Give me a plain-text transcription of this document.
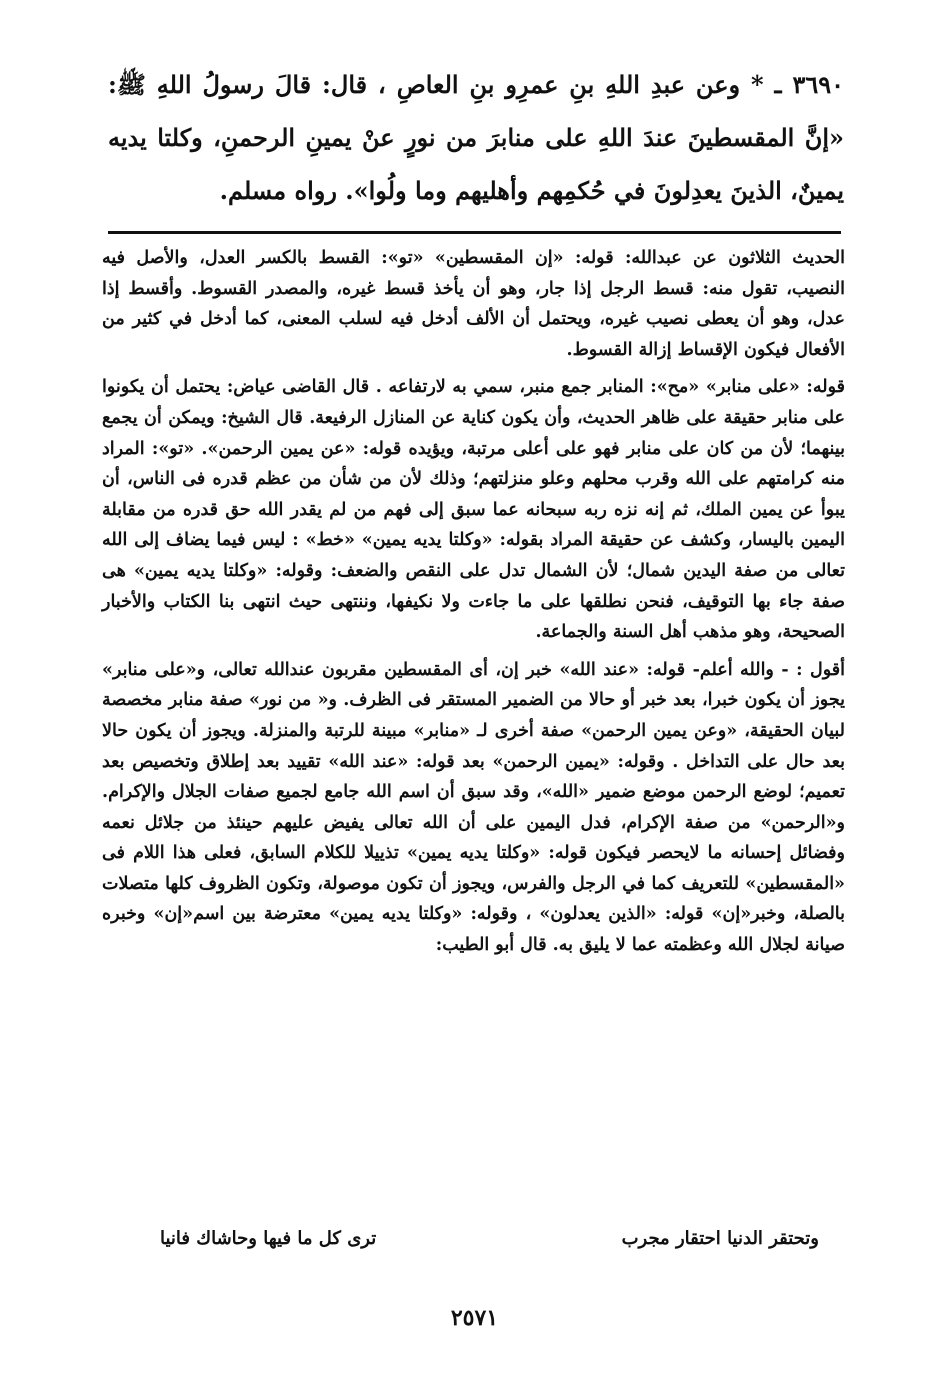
٣٦٩٠ ـ * وعن عبدِ اللهِ بنِ عمرِو بنِ العاصِ ، قال: قالَ رسولُ اللهِ ﷺ: «إنَّ المقسطينَ عندَ اللهِ على منابرَ من نورٍ عنْ يمينِ الرحمنِ، وكلتا يديه يمينٌ، الذينَ يعدِلونَ في حُكمِهم وأهليهم وما ولُوا». رواه مسلم.

الحديث الثلاثون عن عبدالله: قوله: «إن المقسطين» «تو»: القسط بالكسر العدل، والأصل فيه النصيب، تقول منه: قسط الرجل إذا جار، وهو أن يأخذ قسط غيره، والمصدر القسوط. وأقسط إذا عدل، وهو أن يعطى نصيب غيره، ويحتمل أن الألف أدخل فيه لسلب المعنى، كما أدخل في كثير من الأفعال فيكون الإقساط إزالة القسوط.

قوله: «على منابر» «مح»: المنابر جمع منبر، سمي به لارتفاعه . قال القاضى عياض: يحتمل أن يكونوا على منابر حقيقة على ظاهر الحديث، وأن يكون كناية عن المنازل الرفيعة. قال الشيخ: ويمكن أن يجمع بينهما؛ لأن من كان على منابر فهو على أعلى مرتبة، ويؤيده قوله: «عن يمين الرحمن». «تو»: المراد منه كرامتهم على الله وقرب محلهم وعلو منزلتهم؛ وذلك لأن من شأن من عظم قدره فى الناس، أن يبوأ عن يمين الملك، ثم إنه نزه ربه سبحانه عما سبق إلى فهم من لم يقدر الله حق قدره من مقابلة اليمين باليسار، وكشف عن حقيقة المراد بقوله: «وكلتا يديه يمين» «خط» : ليس فيما يضاف إلى الله تعالى من صفة اليدين شمال؛ لأن الشمال تدل على النقص والضعف: وقوله: «وكلتا يديه يمين» هى صفة جاء بها التوقيف، فنحن نطلقها على ما جاءت ولا نكيفها، وننتهى حيث انتهى بنا الكتاب والأخبار الصحيحة، وهو مذهب أهل السنة والجماعة.

أقول : - والله أعلم- قوله: «عند الله» خبر إن، أى المقسطين مقربون عندالله تعالى، و«على منابر» يجوز أن يكون خبرا، بعد خبر أو حالا من الضمير المستقر فى الظرف. و« من نور» صفة منابر مخصصة لبيان الحقيقة، «وعن يمين الرحمن» صفة أخرى لـ «منابر» مبينة للرتبة والمنزلة. ويجوز أن يكون حالا بعد حال على التداخل . وقوله: «يمين الرحمن» بعد قوله: «عند الله» تقييد بعد إطلاق وتخصيص بعد تعميم؛ لوضع الرحمن موضع ضمير «الله»، وقد سبق أن اسم الله جامع لجميع صفات الجلال والإكرام. و«الرحمن» من صفة الإكرام، فدل اليمين على أن الله تعالى يفيض عليهم حينئذ من جلائل نعمه وفضائل إحسانه ما لايحصر فيكون قوله: «وكلتا يديه يمين» تذييلا للكلام السابق، فعلى هذا اللام فى «المقسطين» للتعريف كما في الرجل والفرس، ويجوز أن تكون موصولة، وتكون الظروف كلها متصلات بالصلة، وخبر«إن» قوله: «الذين يعدلون» ، وقوله: «وكلتا يديه يمين» معترضة بين اسم«إن» وخبره صيانة لجلال الله وعظمته عما لا يليق به. قال أبو الطيب:

وتحتقر الدنيا احتقار مجرب
ترى كل ما فيها وحاشاك فانيا
٢٥٧١
